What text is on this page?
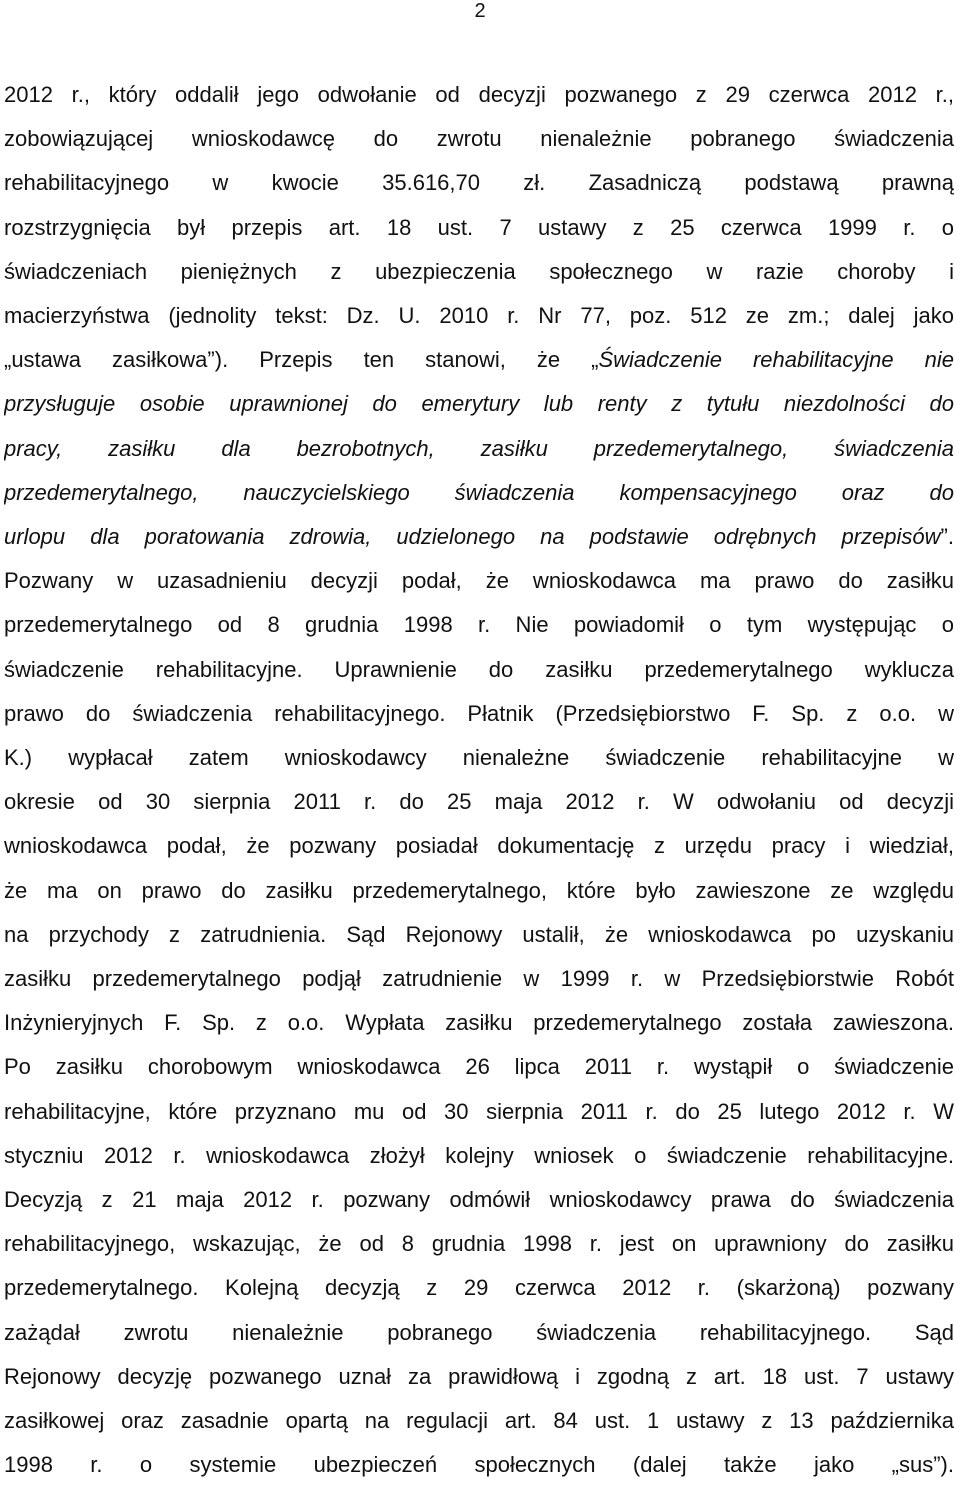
2
2012 r., który oddalił jego odwołanie od decyzji pozwanego z 29 czerwca 2012 r.,
zobowiązującej wnioskodawcę do zwrotu nienależnie pobranego świadczenia
rehabilitacyjnego w kwocie 35.616,70 zł. Zasadniczą podstawą prawną
rozstrzygnięcia był przepis art. 18 ust. 7 ustawy z 25 czerwca 1999 r. o
świadczeniach pieniężnych z ubezpieczenia społecznego w razie choroby i
macierzyństwa (jednolity tekst: Dz. U. 2010 r. Nr 77, poz. 512 ze zm.; dalej jako
„ustawa zasiłkowa”). Przepis ten stanowi, że „Świadczenie rehabilitacyjne nie
przysługuje osobie uprawnionej do emerytury lub renty z tytułu niezdolności do
pracy, zasiłku dla bezrobotnych, zasiłku przedemerytalnego, świadczenia
przedemerytalnego, nauczycielskiego świadczenia kompensacyjnego oraz do
urlopu dla poratowania zdrowia, udzielonego na podstawie odrębnych przepisów”.
Pozwany w uzasadnieniu decyzji podał, że wnioskodawca ma prawo do zasiłku
przedemerytalnego od 8 grudnia 1998 r. Nie powiadomił o tym występując o
świadczenie rehabilitacyjne. Uprawnienie do zasiłku przedemerytalnego wyklucza
prawo do świadczenia rehabilitacyjnego. Płatnik (Przedsiębiorstwo F. Sp. z o.o. w
K.) wypłacał zatem wnioskodawcy nienależne świadczenie rehabilitacyjne w
okresie od 30 sierpnia 2011 r. do 25 maja 2012 r. W odwołaniu od decyzji
wnioskodawca podał, że pozwany posiadał dokumentację z urzędu pracy i wiedział,
że ma on prawo do zasiłku przedemerytalnego, które było zawieszone ze względu
na przychody z zatrudnienia. Sąd Rejonowy ustalił, że wnioskodawca po uzyskaniu
zasiłku przedemerytalnego podjął zatrudnienie w 1999 r. w Przedsiębiorstwie Robót
Inżynieryjnych F. Sp. z o.o. Wypłata zasiłku przedemerytalnego została zawieszona.
Po zasiłku chorobowym wnioskodawca 26 lipca 2011 r. wystąpił o świadczenie
rehabilitacyjne, które przyznano mu od 30 sierpnia 2011 r. do 25 lutego 2012 r. W
styczniu 2012 r. wnioskodawca złożył kolejny wniosek o świadczenie rehabilitacyjne.
Decyzją z 21 maja 2012 r. pozwany odmówił wnioskodawcy prawa do świadczenia
rehabilitacyjnego, wskazując, że od 8 grudnia 1998 r. jest on uprawniony do zasiłku
przedemerytalnego. Kolejną decyzją z 29 czerwca 2012 r. (skarżoną) pozwany
zażądał zwrotu nienależnie pobranego świadczenia rehabilitacyjnego. Sąd
Rejonowy decyzję pozwanego uznał za prawidłową i zgodną z art. 18 ust. 7 ustawy
zasiłkowej oraz zasadnie opartą na regulacji art. 84 ust. 1 ustawy z 13 października
1998 r. o systemie ubezpieczeń społecznych (dalej także jako „sus”).
